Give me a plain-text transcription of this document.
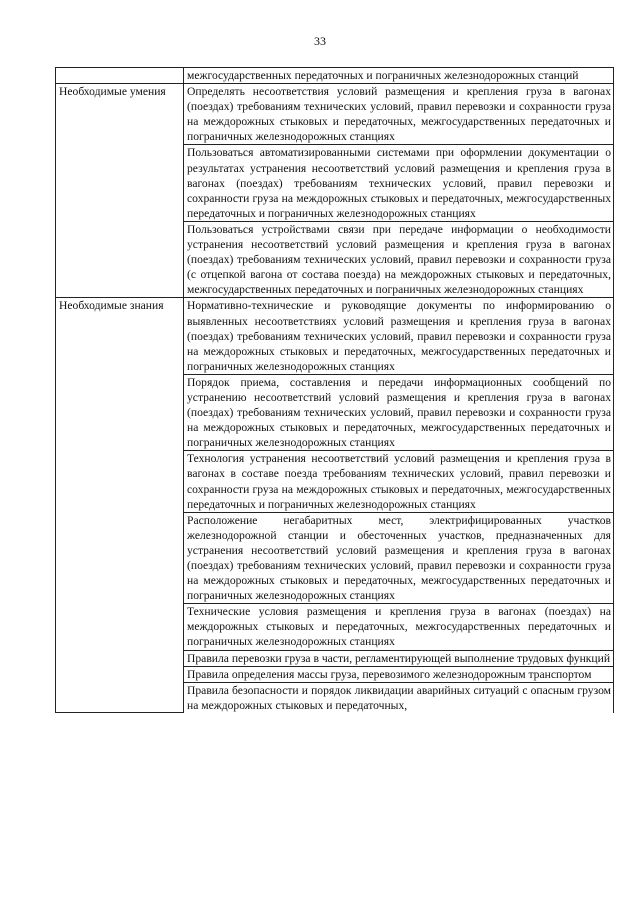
33
	межгосударственных передаточных и пограничных железнодорожных станций
Необходимые умения	Определять несоответствия условий размещения и крепления груза в вагонах (поездах) требованиям технических условий, правил перевозки и сохранности груза на междорожных стыковых и передаточных, межгосударственных передаточных и пограничных железнодорожных станциях
	Пользоваться автоматизированными системами при оформлении документации о результатах устранения несоответствий условий размещения и крепления груза в вагонах (поездах) требованиям технических условий, правил перевозки и сохранности груза на междорожных стыковых и передаточных, межгосударственных передаточных и пограничных железнодорожных станциях
	Пользоваться устройствами связи при передаче информации о необходимости устранения несоответствий условий размещения и крепления груза в вагонах (поездах) требованиям технических условий, правил перевозки и сохранности груза (с отцепкой вагона от состава поезда) на междорожных стыковых и передаточных, межгосударственных передаточных и пограничных железнодорожных станциях
Необходимые знания	Нормативно-технические и руководящие документы по информированию о выявленных несоответствиях условий размещения и крепления груза в вагонах (поездах) требованиям технических условий, правил перевозки и сохранности груза на междорожных стыковых и передаточных, межгосударственных передаточных и пограничных железнодорожных станциях
	Порядок приема, составления и передачи информационных сообщений по устранению несоответствий условий размещения и крепления груза в вагонах (поездах) требованиям технических условий, правил перевозки и сохранности груза на междорожных стыковых и передаточных, межгосударственных передаточных и пограничных железнодорожных станциях
	Технология устранения несоответствий условий размещения и крепления груза в вагонах в составе поезда требованиям технических условий, правил перевозки и сохранности груза на междорожных стыковых и передаточных, межгосударственных передаточных и пограничных железнодорожных станциях
	Расположение негабаритных мест, электрифицированных участков железнодорожной станции и обесточенных участков, предназначенных для устранения несоответствий условий размещения и крепления груза в вагонах (поездах) требованиям технических условий, правил перевозки и сохранности груза на междорожных стыковых и передаточных, межгосударственных передаточных и пограничных железнодорожных станциях
	Технические условия размещения и крепления груза в вагонах (поездах) на междорожных стыковых и передаточных, межгосударственных передаточных и пограничных железнодорожных станциях
	Правила перевозки груза в части, регламентирующей выполнение трудовых функций
	Правила определения массы груза, перевозимого железнодорожным транспортом
	Правила безопасности и порядок ликвидации аварийных ситуаций с опасным грузом на междорожных стыковых и передаточных,
